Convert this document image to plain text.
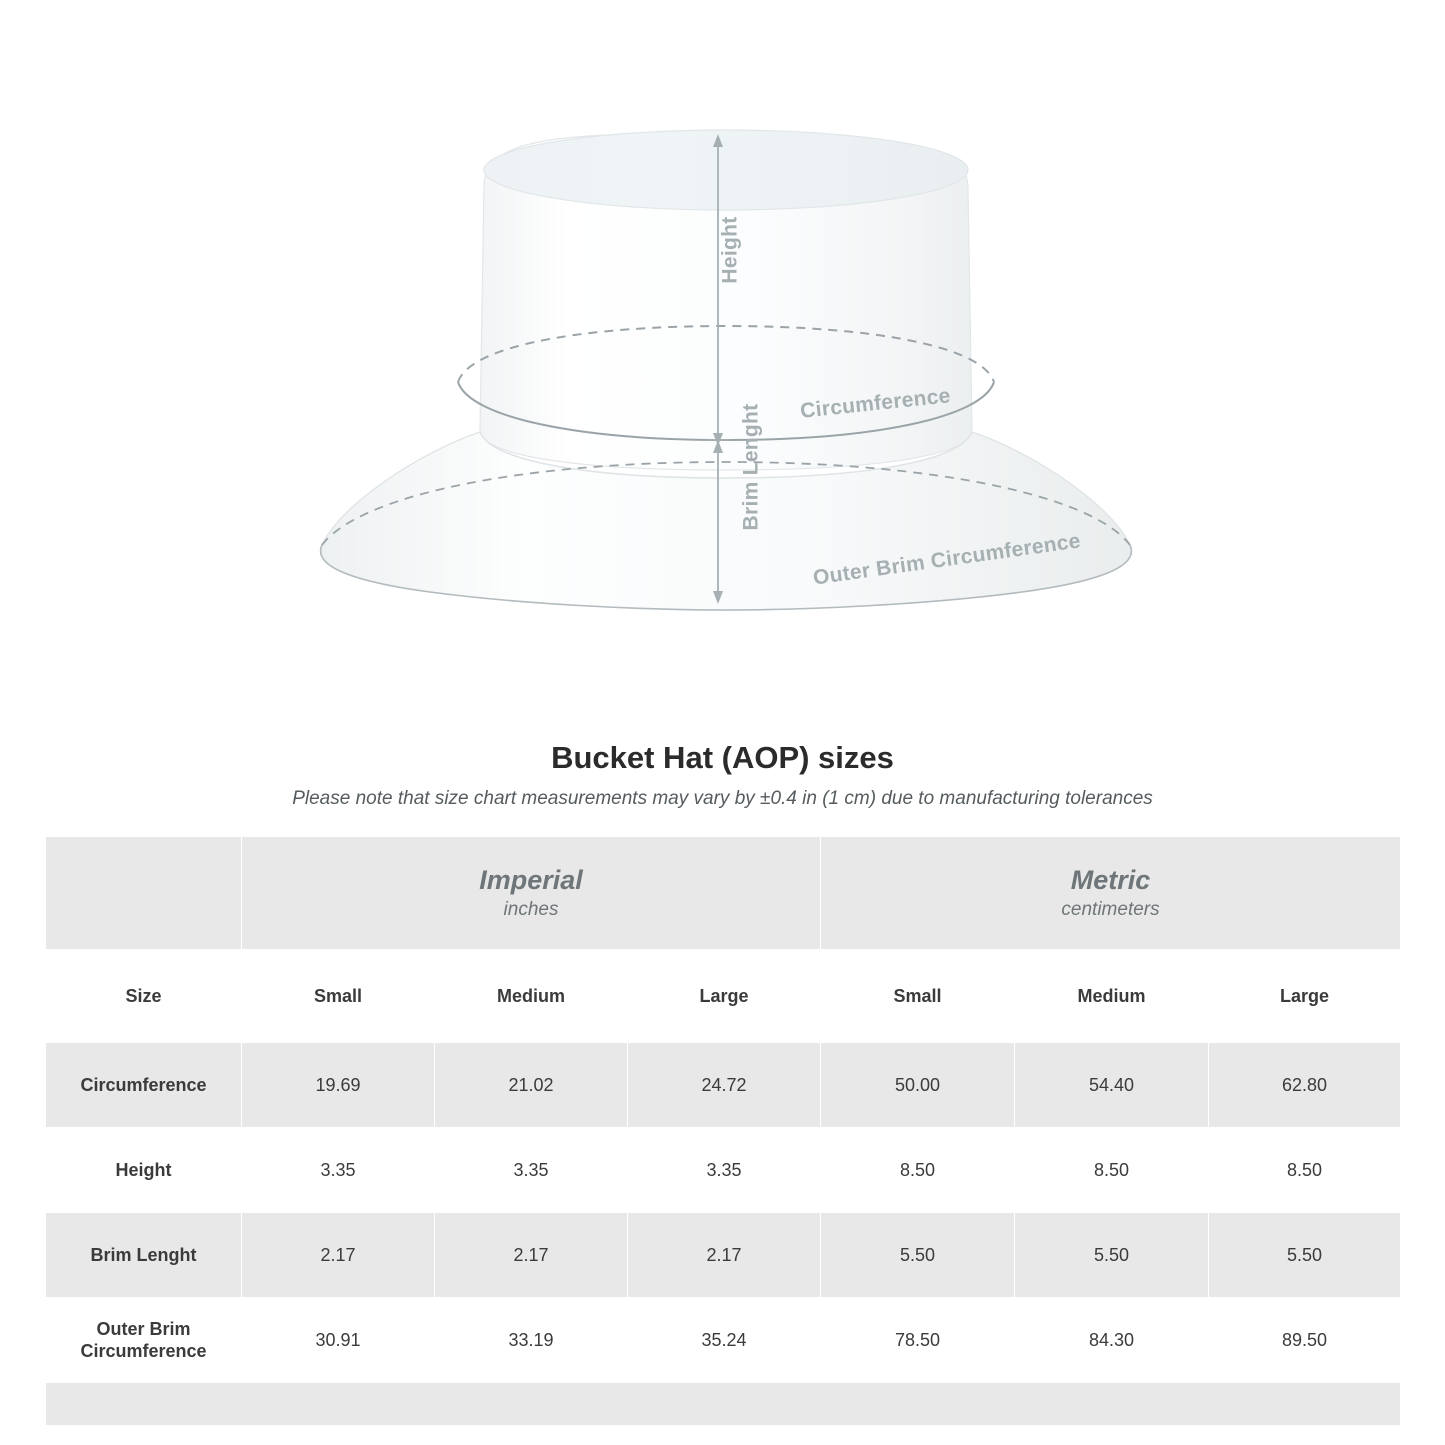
Height
Brim Lenght
Circumference
Outer Brim Circumference
Bucket Hat (AOP) sizes

Please note that size chart measurements may vary by ±0.4 in (1 cm) due to manufacturing tolerances

Imperial
inches

Metric
centimeters

Size	Small	Medium	Large	Small	Medium	Large
Circumference	19.69	21.02	24.72	50.00	54.40	62.80
Height	3.35	3.35	3.35	8.50	8.50	8.50
Brim Lenght	2.17	2.17	2.17	5.50	5.50	5.50
Outer Brim Circumference	30.91	33.19	35.24	78.50	84.30	89.50
